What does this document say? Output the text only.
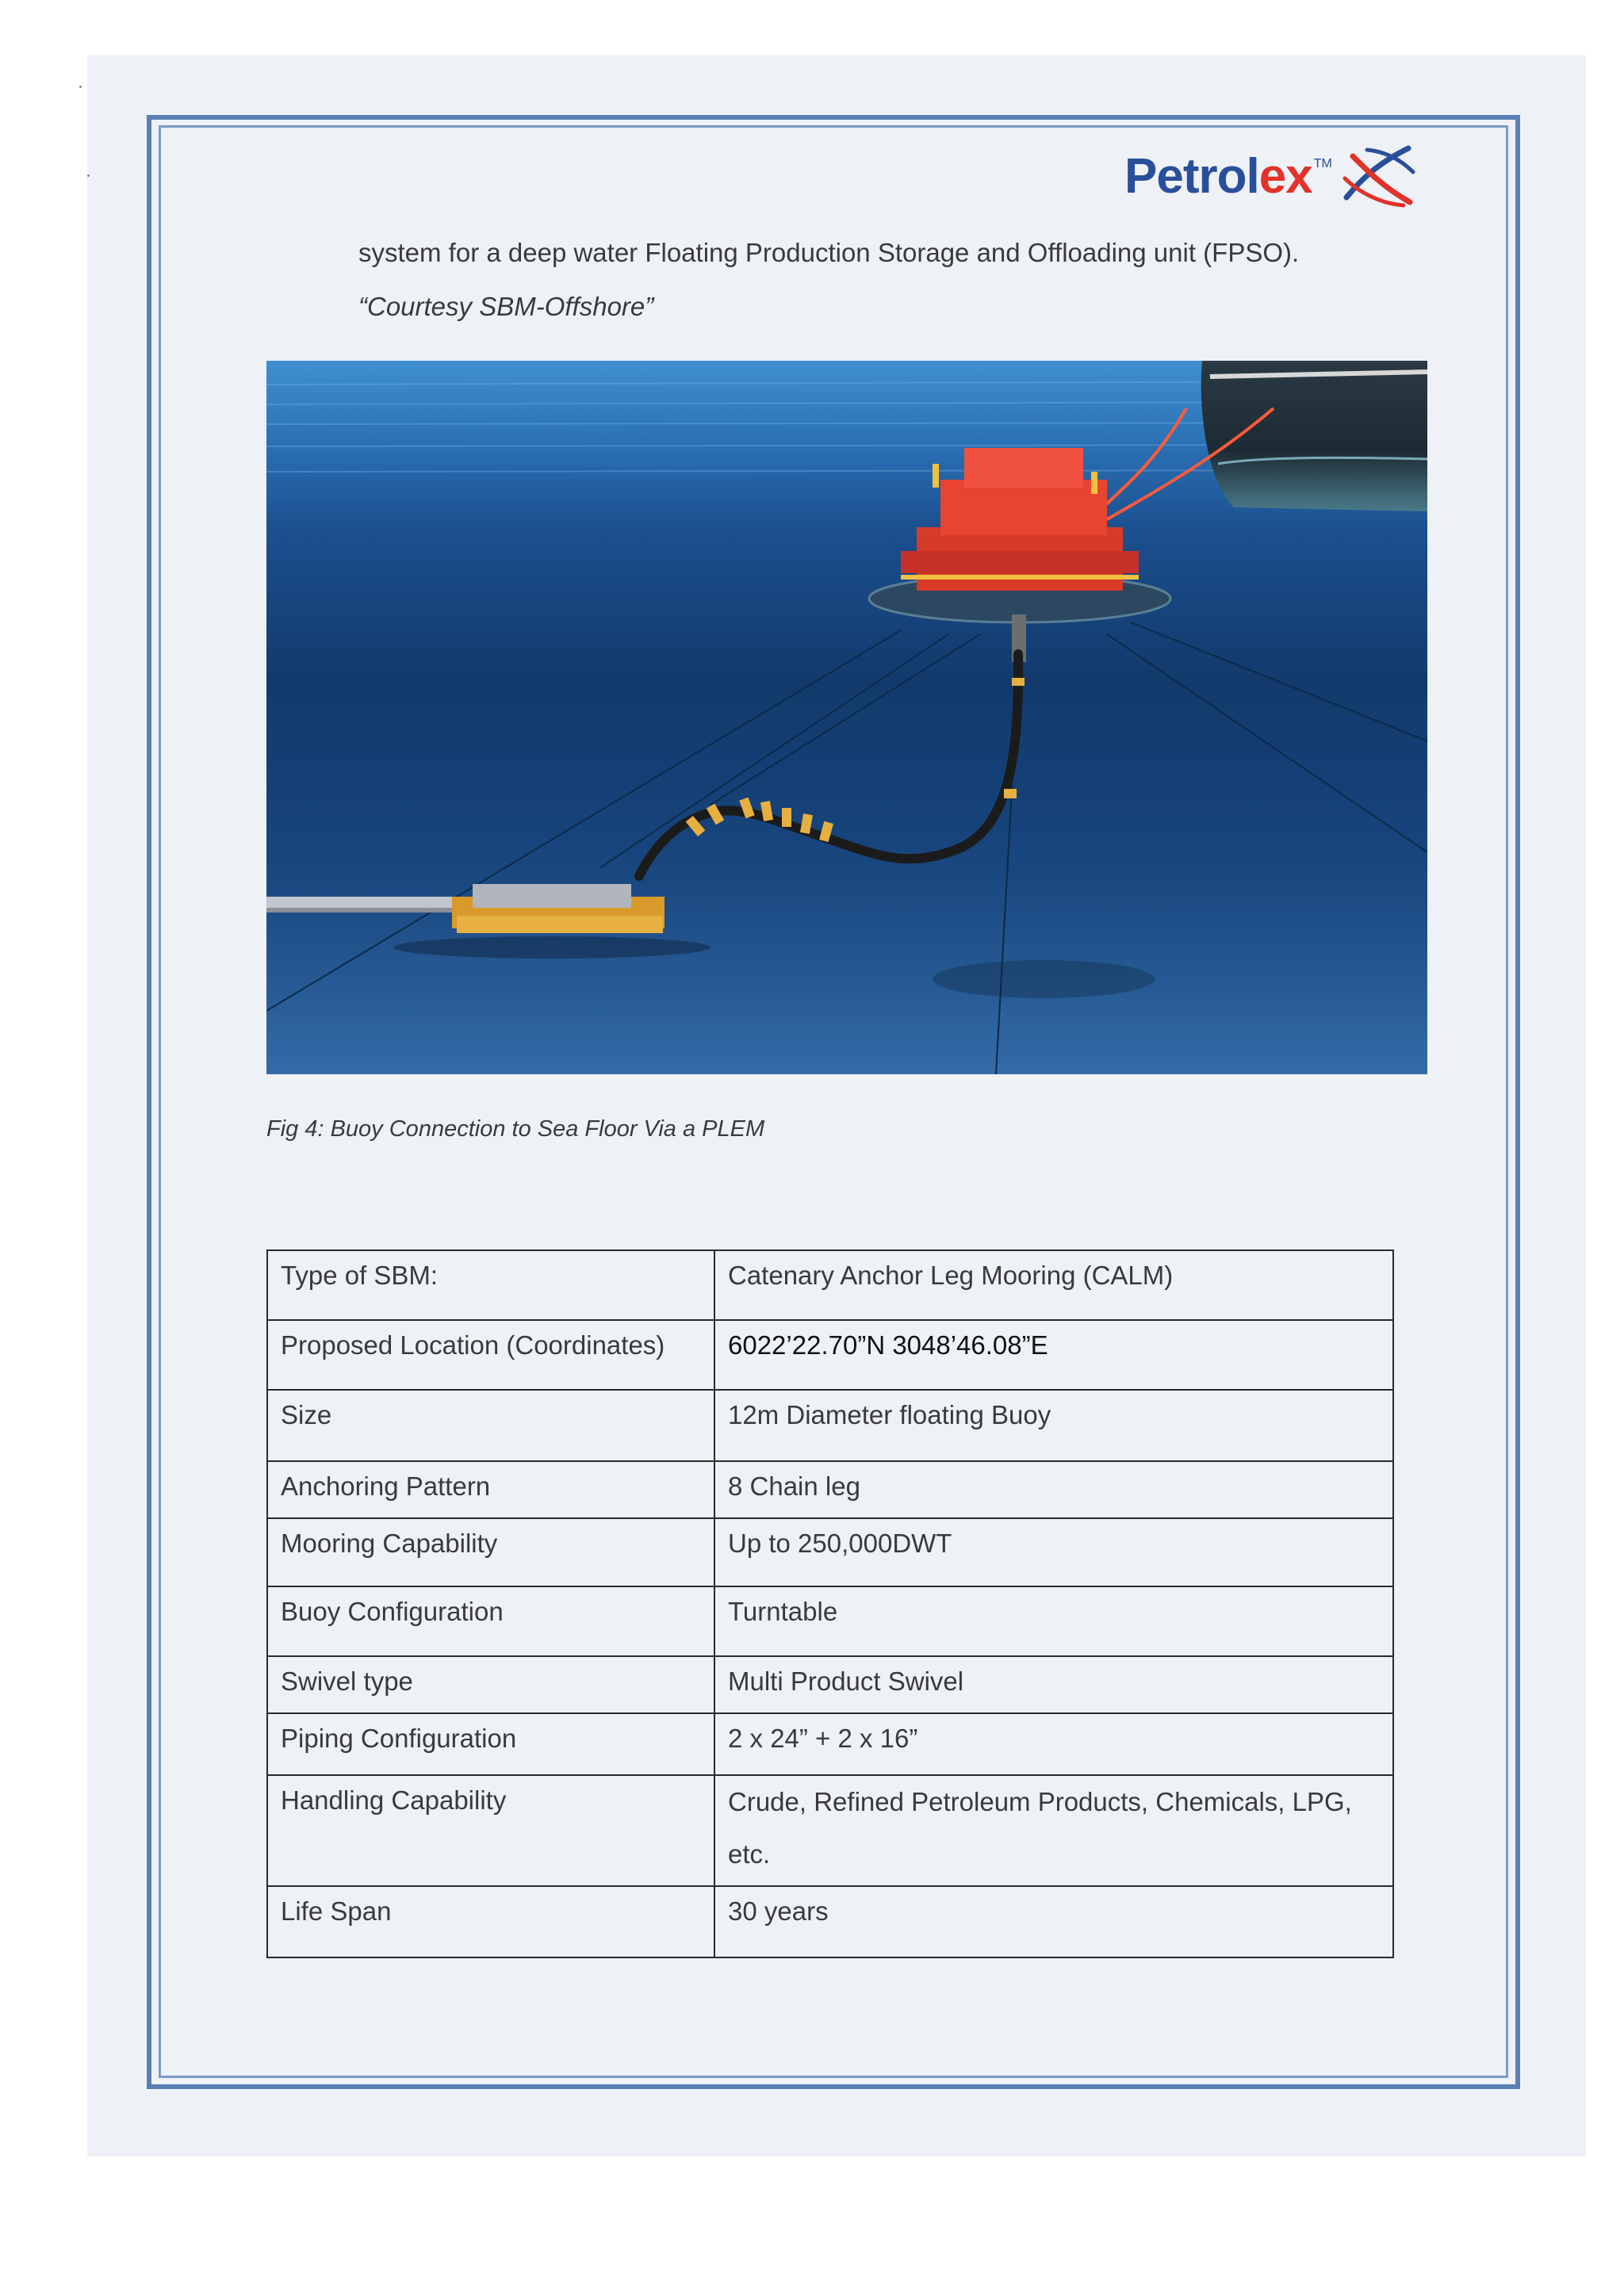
Petrolex TM
system for a deep water Floating Production Storage and Offloading unit (FPSO).
“Courtesy SBM-Offshore”
Fig 4: Buoy Connection to Sea Floor Via a PLEM
Type of SBM:	Catenary Anchor Leg Mooring (CALM)
Proposed Location (Coordinates)	6022’22.70”N 3048’46.08”E
Size	12m Diameter floating Buoy
Anchoring Pattern	8 Chain leg
Mooring Capability	Up to 250,000DWT
Buoy Configuration	Turntable
Swivel type	Multi Product Swivel
Piping Configuration	2 x 24” + 2 x 16”
Handling Capability	Crude, Refined Petroleum Products, Chemicals, LPG, etc.
Life Span	30 years
